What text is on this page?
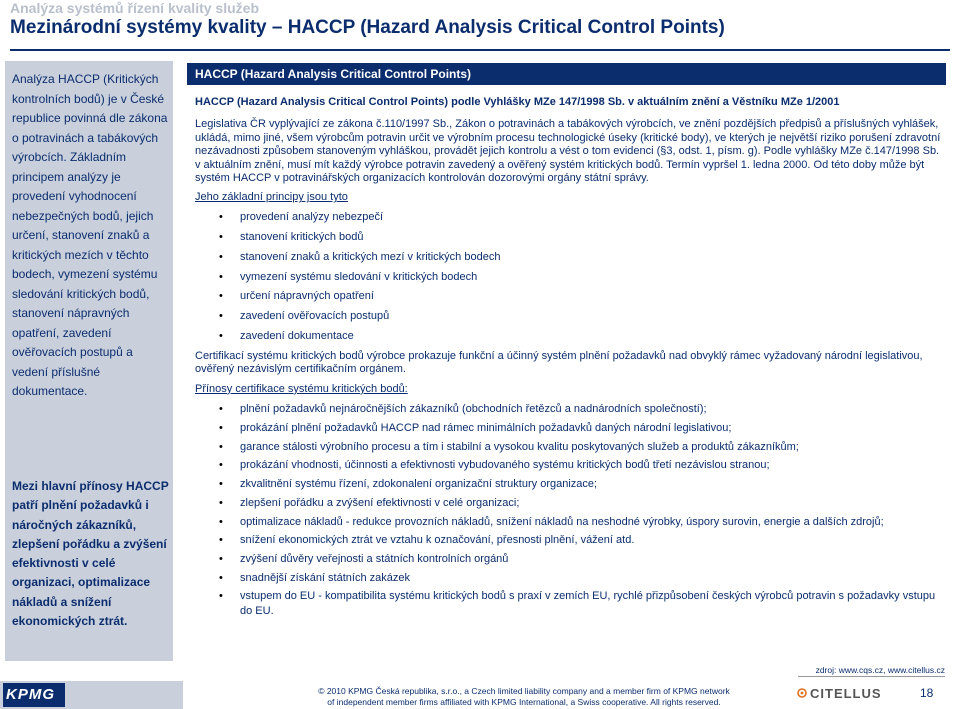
Analýza systémů řízení kvality služeb
Mezinárodní systémy kvality – HACCP (Hazard Analysis Critical Control Points)
Analýza HACCP (Kritických kontrolních bodů) je v České republice povinná dle zákona o potravinách a tabákových výrobcích. Základním principem analýzy je provedení vyhodnocení nebezpečných bodů, jejich určení, stanovení znaků a kritických mezích v těchto bodech, vymezení systému sledování kritických bodů, stanovení nápravných opatření, zavedení ověřovacích postupů a vedení příslušné dokumentace.
Mezi hlavní přínosy HACCP patří plnění požadavků i náročných zákazníků, zlepšení pořádku a zvýšení efektivnosti v celé organizaci, optimalizace nákladů a snížení ekonomických ztrát.
HACCP (Hazard Analysis Critical Control Points)

HACCP (Hazard Analysis Critical Control Points) podle Vyhlášky MZe 147/1998 Sb. v aktuálním znění a Věstníku MZe 1/2001

Legislativa ČR vyplývající ze zákona č.110/1997 Sb., Zákon o potravinách a tabákových výrobcích, ve znění pozdějších předpisů a příslušných vyhlášek, ukládá, mimo jiné, všem výrobcům potravin určit ve výrobním procesu technologické úseky (kritické body), ve kterých je největší riziko porušení zdravotní nezávadnosti způsobem stanoveným vyhláškou, provádět jejich kontrolu a vést o tom evidenci (§3, odst. 1, písm. g). Podle vyhlášky MZe č.147/1998 Sb. v aktuálním znění, musí mít každý výrobce potravin zavedený a ověřený systém kritických bodů. Termín vypršel 1. ledna 2000. Od této doby může být systém HACCP v potravinářských organizacích kontrolován dozorovými orgány státní správy.

Jeho základní principy jsou tyto
• provedení analýzy nebezpečí
• stanovení kritických bodů
• stanovení znaků a kritických mezí v kritických bodech
• vymezení systému sledování v kritických bodech
• určení nápravných opatření
• zavedení ověřovacích postupů
• zavedení dokumentace

Certifikací systému kritických bodů výrobce prokazuje funkční a účinný systém plnění požadavků nad obvyklý rámec vyžadovaný národní legislativou, ověřený nezávislým certifikačním orgánem.

Přínosy certifikace systému kritických bodů:
• plnění požadavků nejnáročnějších zákazníků (obchodních řetězců a nadnárodních společností);
• prokázání plnění požadavků HACCP nad rámec minimálních požadavků daných národní legislativou;
• garance stálosti výrobního procesu a tím i stabilní a vysokou kvalitu poskytovaných služeb a produktů zákazníkům;
• prokázání vhodnosti, účinnosti a efektivnosti vybudovaného systému kritických bodů třetí nezávislou stranou;
• zkvalitnění systému řízení, zdokonalení organizační struktury organizace;
• zlepšení pořádku a zvýšení efektivnosti v celé organizaci;
• optimalizace nákladů - redukce provozních nákladů, snížení nákladů na neshodné výrobky, úspory surovin, energie a dalších zdrojů;
• snížení ekonomických ztrát ve vztahu k označování, přesnosti plnění, vážení atd.
• zvýšení důvěry veřejnosti a státních kontrolních orgánů
• snadnější získání státních zakázek
• vstupem do EU - kompatibilita systému kritických bodů s praxí v zemích EU, rychlé přizpůsobení českých výrobců potravin s požadavky vstupu do EU.
zdroj: www.cqs.cz, www.citellus.cz
KPMG	© 2010 KPMG Česká republika, s.r.o., a Czech limited liability company and a member firm of KPMG network
of independent member firms affiliated with KPMG International, a Swiss cooperative. All rights reserved.
CITELLUS	18
